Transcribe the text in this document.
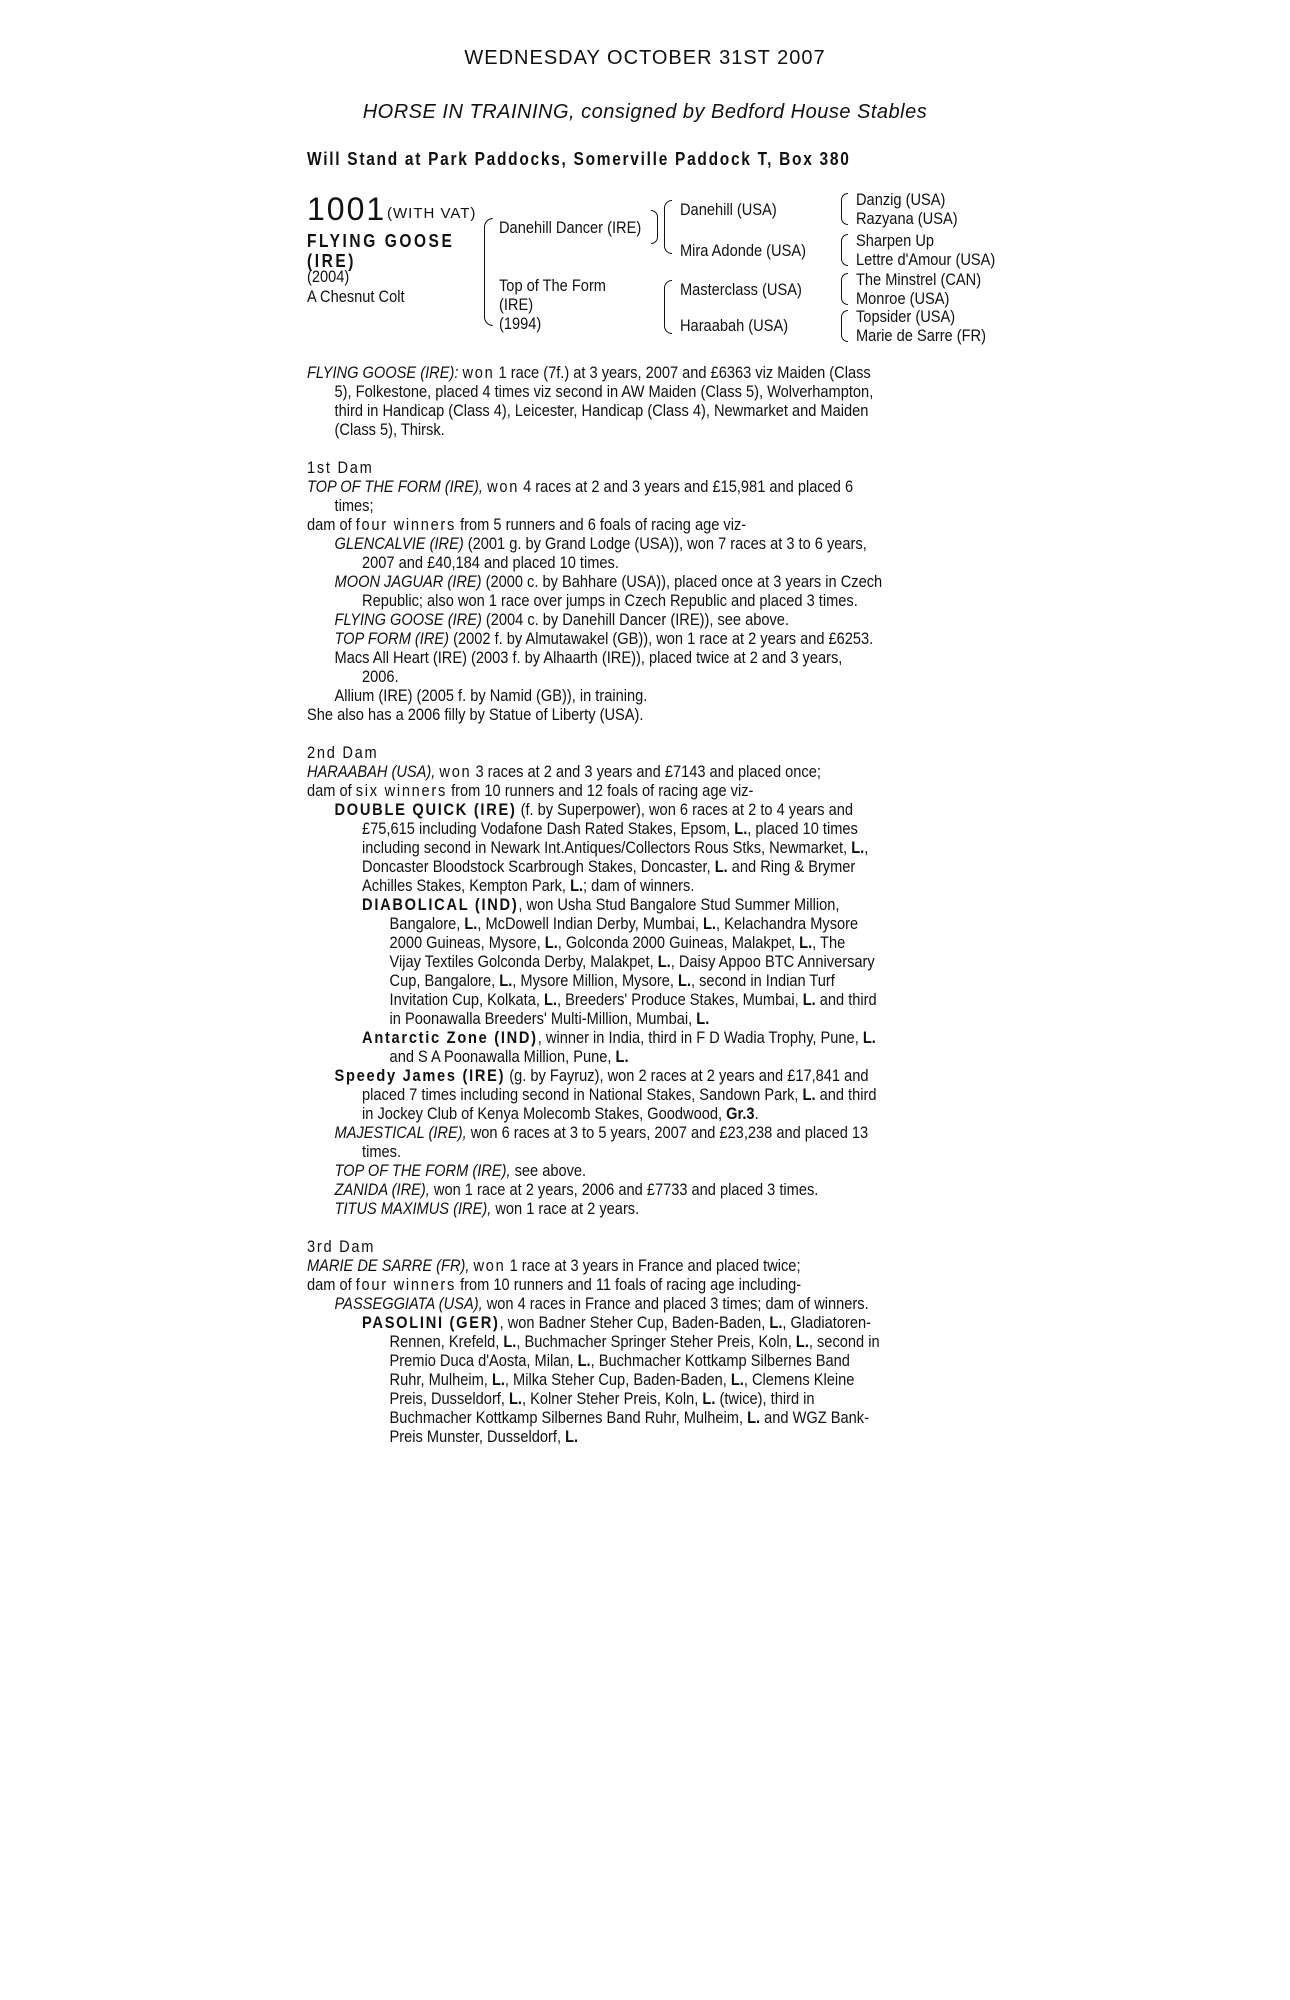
WEDNESDAY OCTOBER 31ST 2007
HORSE IN TRAINING, consigned by Bedford House Stables
Will Stand at Park Paddocks, Somerville Paddock T, Box 380
1001 (WITH VAT)
FLYING GOOSE
(IRE)
(2004)
A Chesnut Colt
Danehill Dancer (IRE)
Top of The Form
(IRE)
(1994)
Danehill (USA)
Mira Adonde (USA)
Masterclass (USA)
Haraabah (USA)
Danzig (USA)
Razyana (USA)
Sharpen Up
Lettre d'Amour (USA)
The Minstrel (CAN)
Monroe (USA)
Topsider (USA)
Marie de Sarre (FR)
FLYING GOOSE (IRE): won 1 race (7f.) at 3 years, 2007 and £6363 viz Maiden (Class
5), Folkestone, placed 4 times viz second in AW Maiden (Class 5), Wolverhampton,
third in Handicap (Class 4), Leicester, Handicap (Class 4), Newmarket and Maiden
(Class 5), Thirsk.
1st Dam
TOP OF THE FORM (IRE), won 4 races at 2 and 3 years and £15,981 and placed 6
times;
dam of four winners from 5 runners and 6 foals of racing age viz-
GLENCALVIE (IRE) (2001 g. by Grand Lodge (USA)), won 7 races at 3 to 6 years,
2007 and £40,184 and placed 10 times.
MOON JAGUAR (IRE) (2000 c. by Bahhare (USA)), placed once at 3 years in Czech
Republic; also won 1 race over jumps in Czech Republic and placed 3 times.
FLYING GOOSE (IRE) (2004 c. by Danehill Dancer (IRE)), see above.
TOP FORM (IRE) (2002 f. by Almutawakel (GB)), won 1 race at 2 years and £6253.
Macs All Heart (IRE) (2003 f. by Alhaarth (IRE)), placed twice at 2 and 3 years,
2006.
Allium (IRE) (2005 f. by Namid (GB)), in training.
She also has a 2006 filly by Statue of Liberty (USA).
2nd Dam
HARAABAH (USA), won 3 races at 2 and 3 years and £7143 and placed once;
dam of six winners from 10 runners and 12 foals of racing age viz-
DOUBLE QUICK (IRE) (f. by Superpower), won 6 races at 2 to 4 years and
£75,615 including Vodafone Dash Rated Stakes, Epsom, L., placed 10 times
including second in Newark Int.Antiques/Collectors Rous Stks, Newmarket, L.,
Doncaster Bloodstock Scarbrough Stakes, Doncaster, L. and Ring & Brymer
Achilles Stakes, Kempton Park, L.; dam of winners.
DIABOLICAL (IND), won Usha Stud Bangalore Stud Summer Million,
Bangalore, L., McDowell Indian Derby, Mumbai, L., Kelachandra Mysore
2000 Guineas, Mysore, L., Golconda 2000 Guineas, Malakpet, L., The
Vijay Textiles Golconda Derby, Malakpet, L., Daisy Appoo BTC Anniversary
Cup, Bangalore, L., Mysore Million, Mysore, L., second in Indian Turf
Invitation Cup, Kolkata, L., Breeders' Produce Stakes, Mumbai, L. and third
in Poonawalla Breeders' Multi-Million, Mumbai, L.
Antarctic Zone (IND), winner in India, third in F D Wadia Trophy, Pune, L.
and S A Poonawalla Million, Pune, L.
Speedy James (IRE) (g. by Fayruz), won 2 races at 2 years and £17,841 and
placed 7 times including second in National Stakes, Sandown Park, L. and third
in Jockey Club of Kenya Molecomb Stakes, Goodwood, Gr.3.
MAJESTICAL (IRE), won 6 races at 3 to 5 years, 2007 and £23,238 and placed 13
times.
TOP OF THE FORM (IRE), see above.
ZANIDA (IRE), won 1 race at 2 years, 2006 and £7733 and placed 3 times.
TITUS MAXIMUS (IRE), won 1 race at 2 years.
3rd Dam
MARIE DE SARRE (FR), won 1 race at 3 years in France and placed twice;
dam of four winners from 10 runners and 11 foals of racing age including-
PASSEGGIATA (USA), won 4 races in France and placed 3 times; dam of winners.
PASOLINI (GER), won Badner Steher Cup, Baden-Baden, L., Gladiatoren-
Rennen, Krefeld, L., Buchmacher Springer Steher Preis, Koln, L., second in
Premio Duca d'Aosta, Milan, L., Buchmacher Kottkamp Silbernes Band
Ruhr, Mulheim, L., Milka Steher Cup, Baden-Baden, L., Clemens Kleine
Preis, Dusseldorf, L., Kolner Steher Preis, Koln, L. (twice), third in
Buchmacher Kottkamp Silbernes Band Ruhr, Mulheim, L. and WGZ Bank-
Preis Munster, Dusseldorf, L.
